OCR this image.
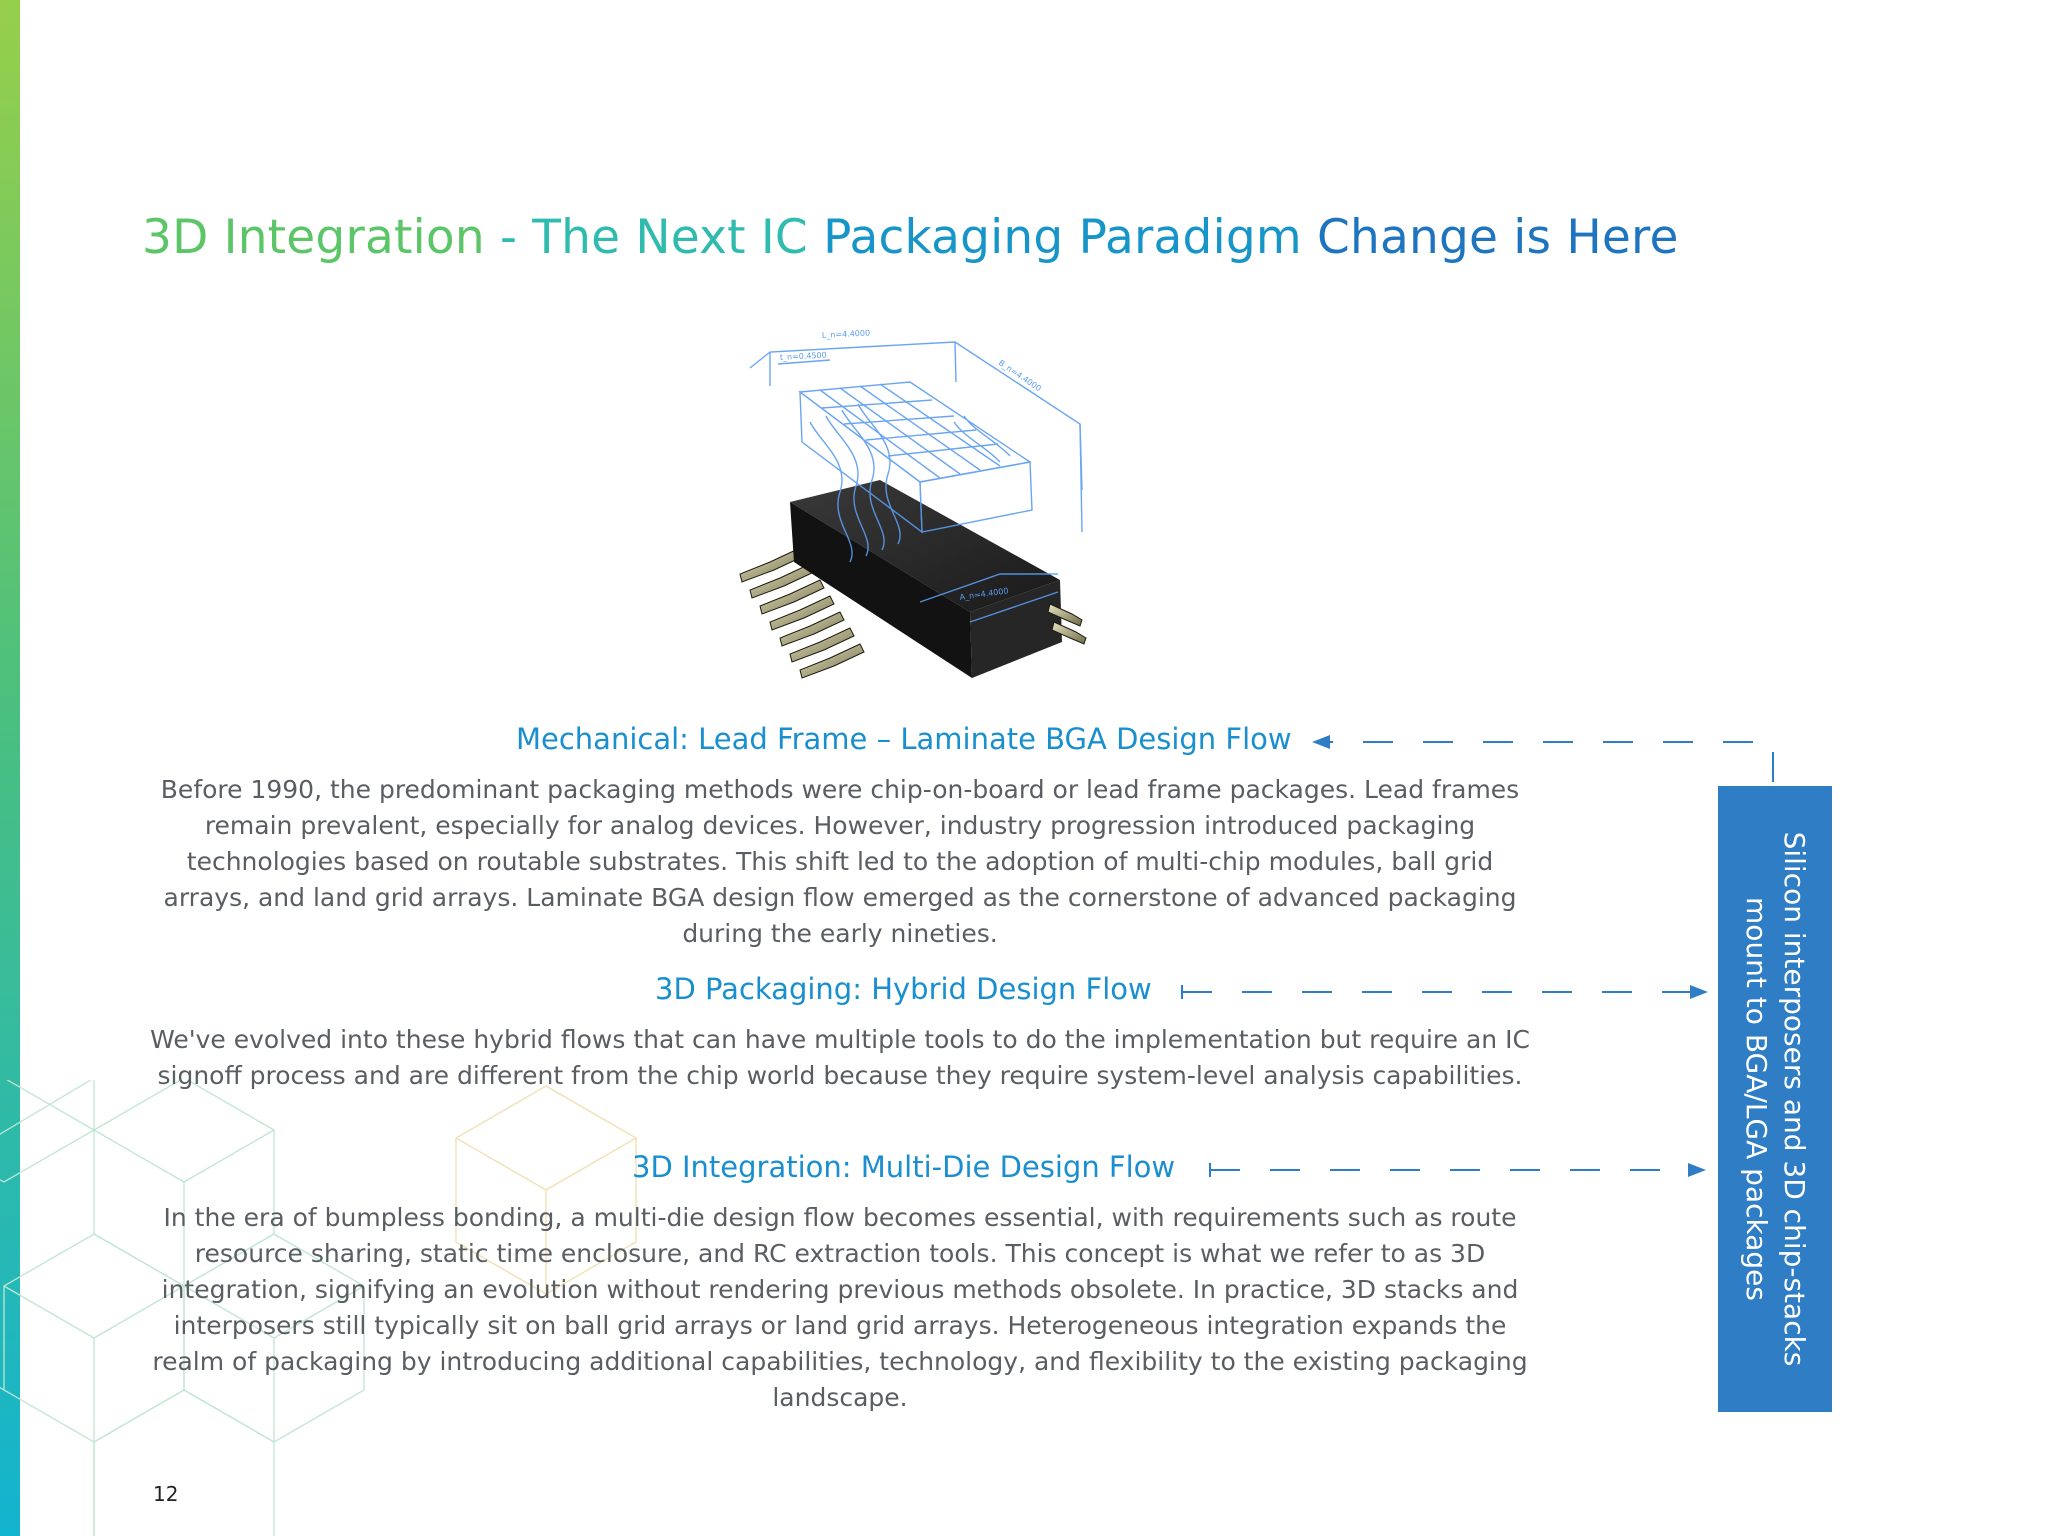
3D Integration - The Next IC Packaging Paradigm Change is Here
L_n=4.4000
t_n=0.4500
B_n=4.4000
A_n=4.4000
Mechanical: Lead Frame – Laminate BGA Design Flow

Before 1990, the predominant packaging methods were chip-on-board or lead frame packages. Lead frames remain prevalent, especially for analog devices. However, industry progression introduced packaging technologies based on routable substrates. This shift led to the adoption of multi-chip modules, ball grid arrays, and land grid arrays. Laminate BGA design flow emerged as the cornerstone of advanced packaging during the early nineties.

3D Packaging: Hybrid Design Flow

We've evolved into these hybrid flows that can have multiple tools to do the implementation but require an IC signoff process and are different from the chip world because they require system-level analysis capabilities.

3D Integration: Multi-Die Design Flow

In the era of bumpless bonding, a multi-die design flow becomes essential, with requirements such as route resource sharing, static time enclosure, and RC extraction tools. This concept is what we refer to as 3D integration, signifying an evolution without rendering previous methods obsolete. In practice, 3D stacks and interposers still typically sit on ball grid arrays or land grid arrays. Heterogeneous integration expands the realm of packaging by introducing additional capabilities, technology, and flexibility to the existing packaging landscape.

Silicon interposers and 3D chip-stacks mount to BGA/LGA packages
12
